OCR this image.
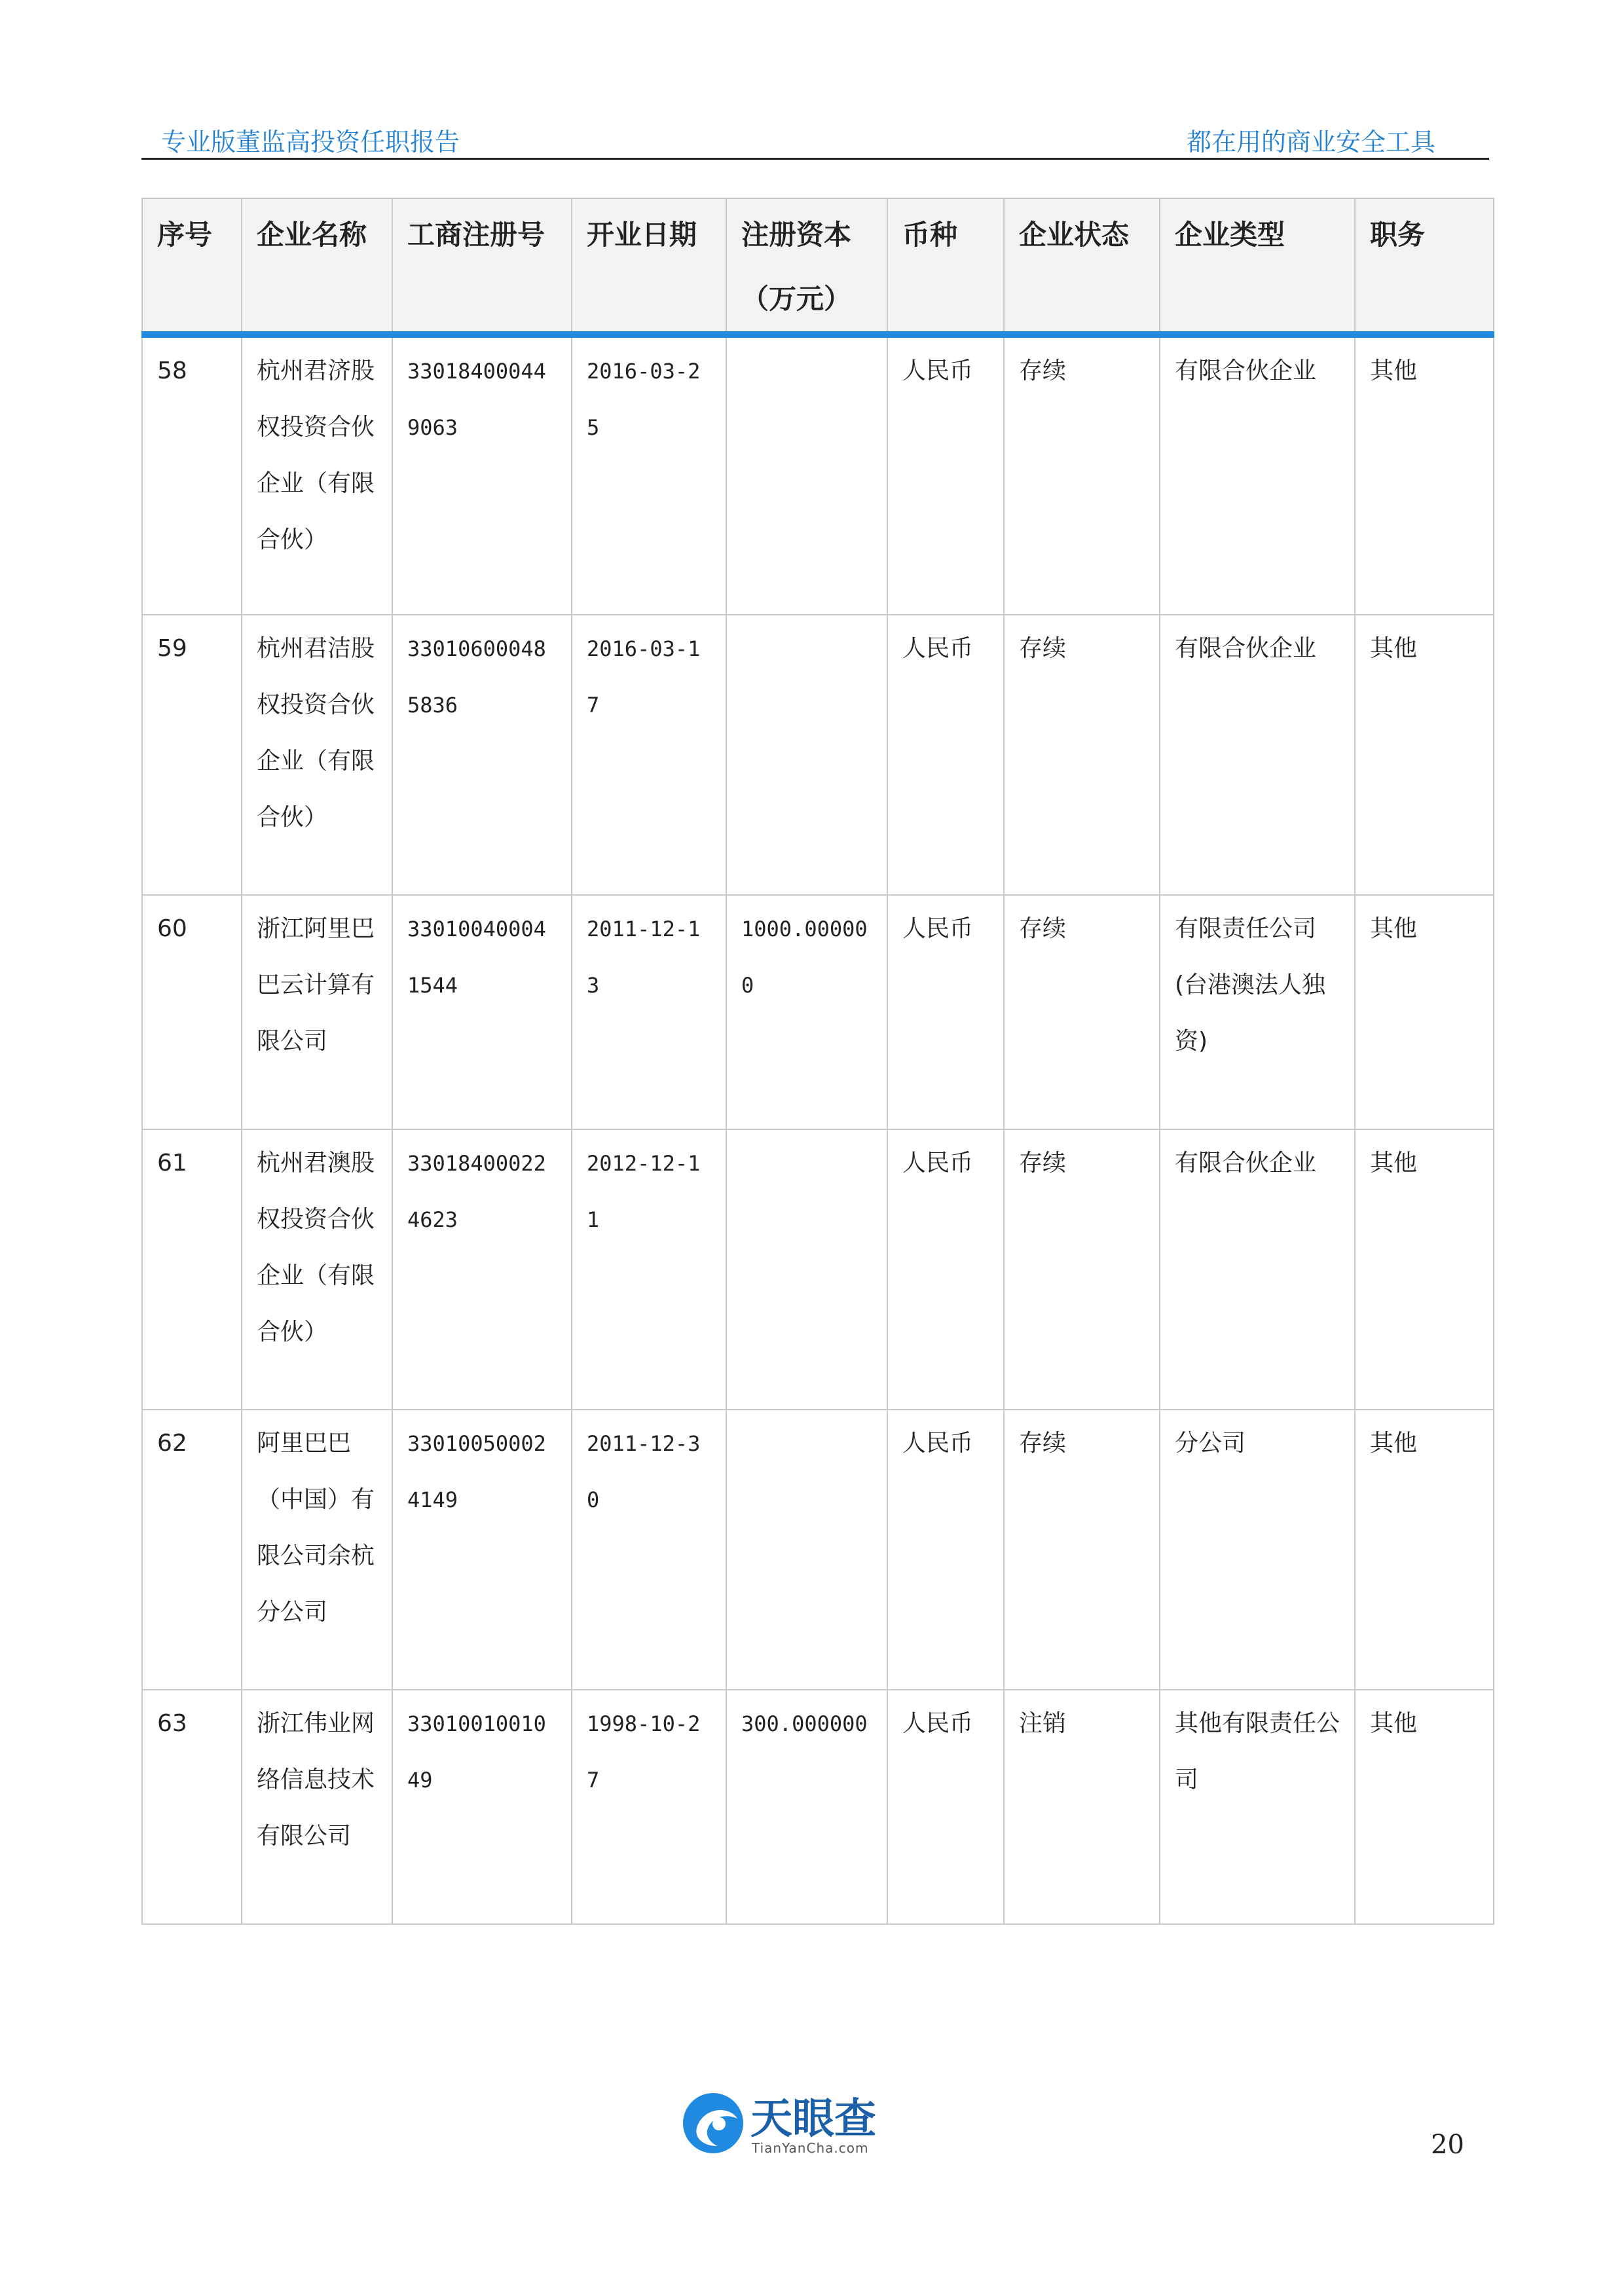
专业版董监高投资任职报告	都在用的商业安全工具
序号	企业名称	工商注册号	开业日期	注册资本（万元）	币种	企业状态	企业类型	职务
58	杭州君济股权投资合伙企业（有限合伙）	330184000449063	2016-03-25		人民币	存续	有限合伙企业	其他
59	杭州君洁股权投资合伙企业（有限合伙）	330106000485836	2016-03-17		人民币	存续	有限合伙企业	其他
60	浙江阿里巴巴云计算有限公司	330100400041544	2011-12-13	1000.000000	人民币	存续	有限责任公司(台港澳法人独资)	其他
61	杭州君澳股权投资合伙企业（有限合伙）	330184000224623	2012-12-11		人民币	存续	有限合伙企业	其他
62	阿里巴巴（中国）有限公司余杭分公司	330100500024149	2011-12-30		人民币	存续	分公司	其他
63	浙江伟业网络信息技术有限公司	3301001001049	1998-10-27	300.000000	人民币	注销	其他有限责任公司	其他
天眼查
TianYanCha.com	20
